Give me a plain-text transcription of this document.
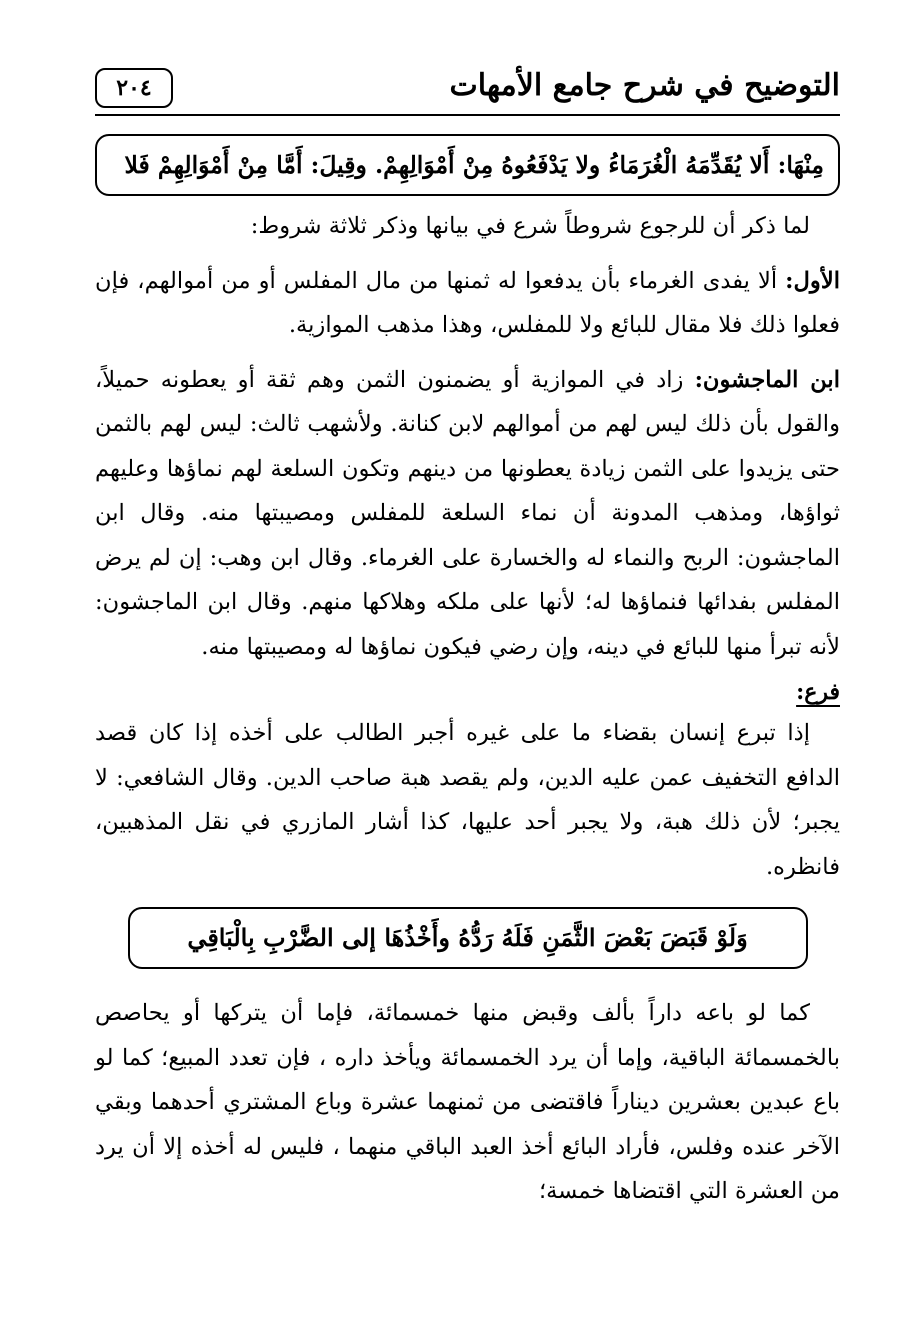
التوضيح في شرح جامع الأمهات
٢٠٤
مِنْهَا: أَلا يُقَدِّمَهُ الْغُرَمَاءُ ولا يَدْفَعُوهُ مِنْ أَمْوَالِهِمْ. وقِيلَ: أَمَّا مِنْ أَمْوَالِهِمْ فَلا

لما ذكر أن للرجوع شروطاً شرع في بيانها وذكر ثلاثة شروط:

الأول: ألا يفدى الغرماء بأن يدفعوا له ثمنها من مال المفلس أو من أموالهم، فإن فعلوا ذلك فلا مقال للبائع ولا للمفلس، وهذا مذهب الموازية.

ابن الماجشون: زاد في الموازية أو يضمنون الثمن وهم ثقة أو يعطونه حميلاً، والقول بأن ذلك ليس لهم من أموالهم لابن كنانة. ولأشهب ثالث: ليس لهم بالثمن حتى يزيدوا على الثمن زيادة يعطونها من دينهم وتكون السلعة لهم نماؤها وعليهم ثواؤها، ومذهب المدونة أن نماء السلعة للمفلس ومصيبتها منه. وقال ابن الماجشون: الربح والنماء له والخسارة على الغرماء. وقال ابن وهب: إن لم يرض المفلس بفدائها فنماؤها له؛ لأنها على ملكه وهلاكها منهم. وقال ابن الماجشون: لأنه تبرأ منها للبائع في دينه، وإن رضي فيكون نماؤها له ومصيبتها منه.

فرع:

إذا تبرع إنسان بقضاء ما على غيره أجبر الطالب على أخذه إذا كان قصد الدافع التخفيف عمن عليه الدين، ولم يقصد هبة صاحب الدين. وقال الشافعي: لا يجبر؛ لأن ذلك هبة، ولا يجبر أحد عليها، كذا أشار المازري في نقل المذهبين، فانظره.

وَلَوْ قَبَضَ بَعْضَ الثَّمَنِ فَلَهُ رَدُّهُ وأَخْذُهَا إلى الضَّرْبِ بِالْبَاقِي

كما لو باعه داراً بألف وقبض منها خمسمائة، فإما أن يتركها أو يحاصص بالخمسمائة الباقية، وإما أن يرد الخمسمائة ويأخذ داره ، فإن تعدد المبيع؛ كما لو باع عبدين بعشرين ديناراً فاقتضى من ثمنهما عشرة وباع المشتري أحدهما وبقي الآخر عنده وفلس، فأراد البائع أخذ العبد الباقي منهما ، فليس له أخذه إلا أن يرد من العشرة التي اقتضاها خمسة؛
